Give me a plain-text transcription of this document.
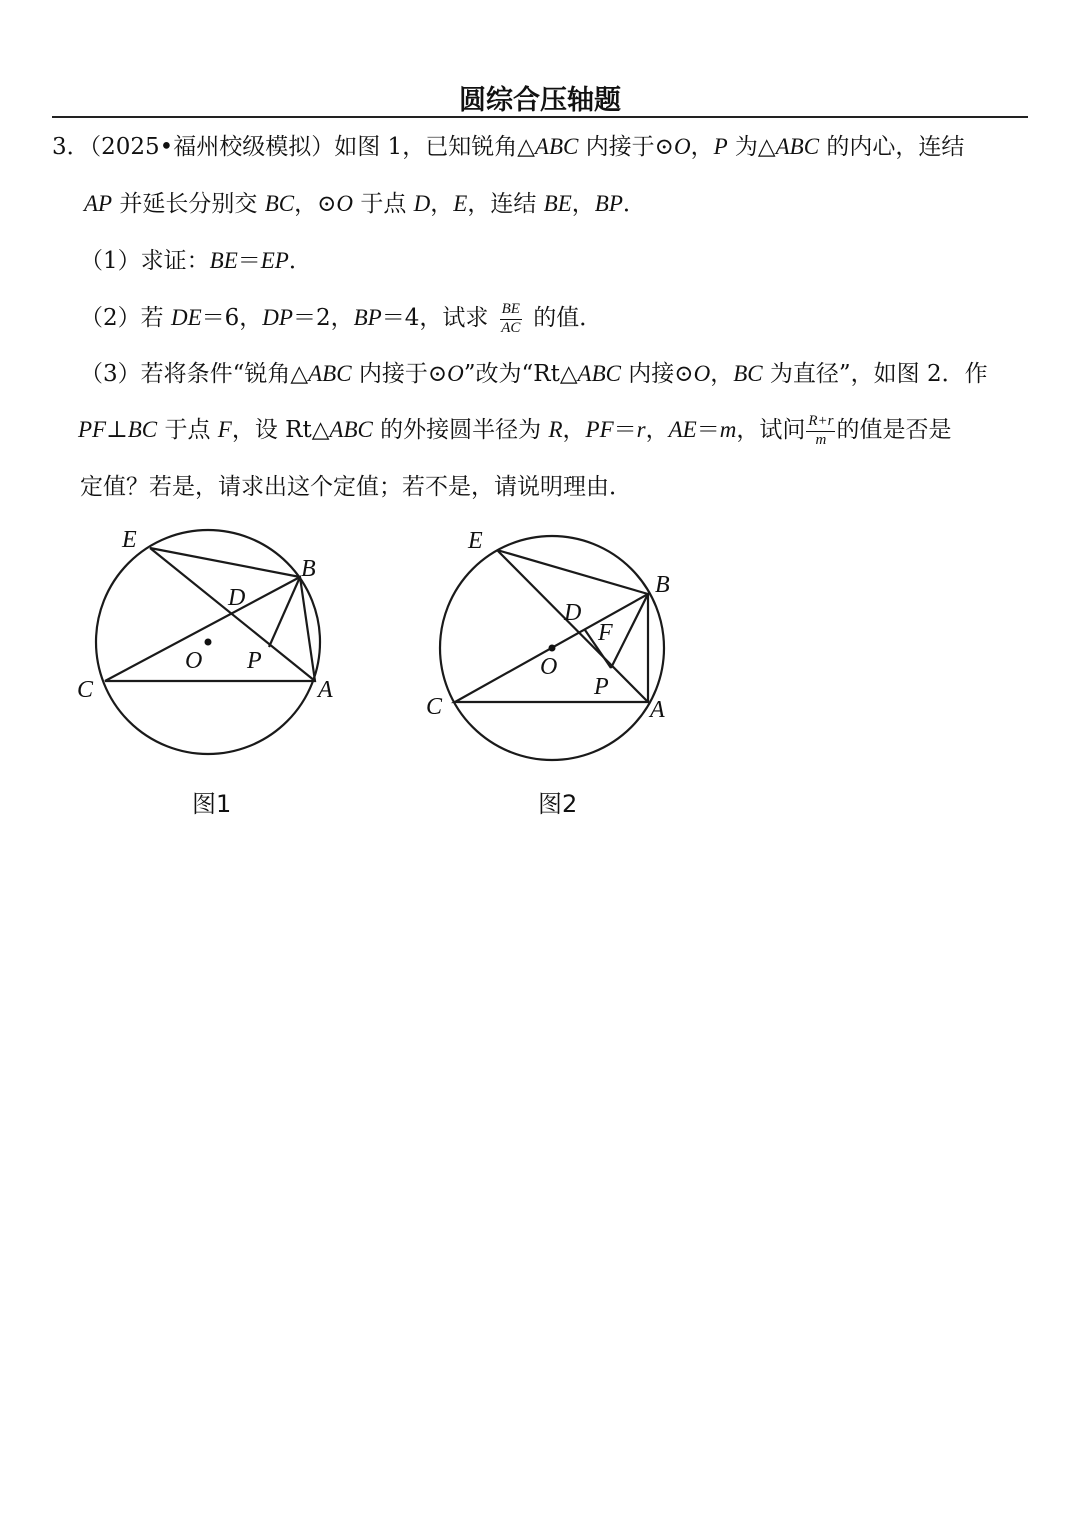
圆综合压轴题
3．（2025•福州校级模拟）如图 1，已知锐角△ABC 内接于⊙O，P 为△ABC 的内心，连结
AP 并延长分别交 BC，⊙O 于点 D，E，连结 BE，BP．
（1）求证：BE＝EP．
（2）若 DE＝6，DP＝2，BP＝4，试求 $\frac{BE}{AC}$ 的值．
（3）若将条件“锐角△ABC 内接于⊙O”改为“Rt△ABC 内接⊙O，BC 为直径”，如图 2．作
PF⊥BC 于点 F，设 Rt△ABC 的外接圆半径为 R，PF＝r，AE＝m，试问 $\frac{R+r}{m}$ 的值是否是
定值？若是，请求出这个定值；若不是，请说明理由．
E
B
D
O P
C	A
E
B
D
F
O
P
C	A
图1	图2
